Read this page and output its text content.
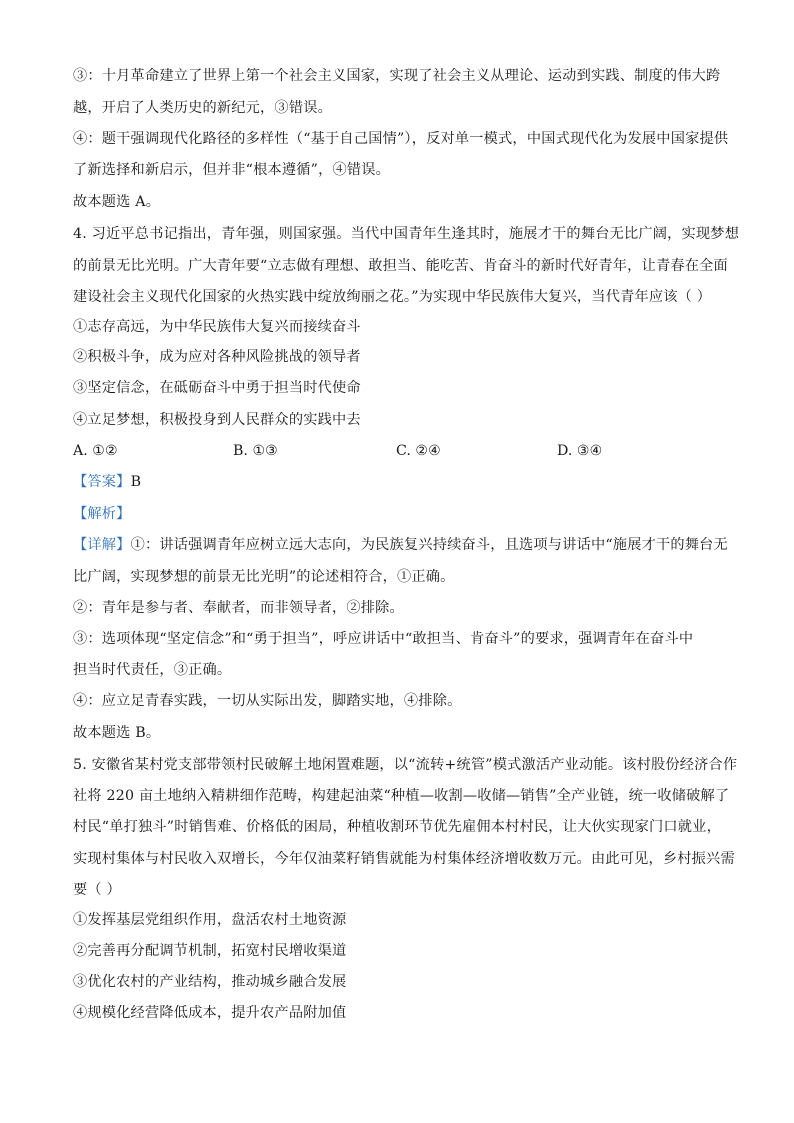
③：十月革命建立了世界上第一个社会主义国家，实现了社会主义从理论、运动到实践、制度的伟大跨
越，开启了人类历史的新纪元，③错误。
④：题干强调现代化路径的多样性（“基于自己国情”），反对单一模式，中国式现代化为发展中国家提供
了新选择和新启示，但并非“根本遵循”，④错误。
故本题选 A。
4. 习近平总书记指出，青年强，则国家强。当代中国青年生逢其时，施展才干的舞台无比广阔，实现梦想
的前景无比光明。广大青年要“立志做有理想、敢担当、能吃苦、肯奋斗的新时代好青年，让青春在全面
建设社会主义现代化国家的火热实践中绽放绚丽之花。”为实现中华民族伟大复兴，当代青年应该（ ）
①志存高远，为中华民族伟大复兴而接续奋斗
②积极斗争，成为应对各种风险挑战的领导者
③坚定信念，在砥砺奋斗中勇于担当时代使命
④立足梦想，积极投身到人民群众的实践中去
A. ①②	B. ①③	C. ②④	D. ③④
【答案】B
【解析】
【详解】①：讲话强调青年应树立远大志向，为民族复兴持续奋斗，且选项与讲话中“施展才干的舞台无
比广阔，实现梦想的前景无比光明”的论述相符合，①正确。
②：青年是参与者、奉献者，而非领导者，②排除。
③：选项体现“坚定信念”和“勇于担当”，呼应讲话中“敢担当、肯奋斗”的要求，强调青年在奋斗中
担当时代责任，③正确。
④：应立足青春实践，一切从实际出发，脚踏实地，④排除。
故本题选 B。
5. 安徽省某村党支部带领村民破解土地闲置难题，以“流转+统管”模式激活产业动能。该村股份经济合作
社将 220 亩土地纳入精耕细作范畴，构建起油菜“种植—收割—收储—销售”全产业链，统一收储破解了
村民“单打独斗”时销售难、价格低的困局，种植收割环节优先雇佣本村村民，让大伙实现家门口就业，
实现村集体与村民收入双增长，今年仅油菜籽销售就能为村集体经济增收数万元。由此可见，乡村振兴需
要（ ）
①发挥基层党组织作用，盘活农村土地资源
②完善再分配调节机制，拓宽村民增收渠道
③优化农村的产业结构，推动城乡融合发展
④规模化经营降低成本，提升农产品附加值
